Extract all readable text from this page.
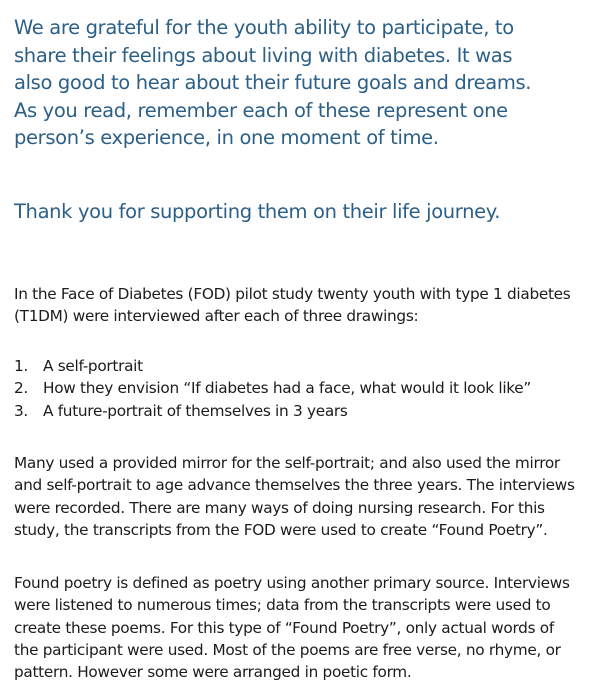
We are grateful for the youth ability to participate, to
share their feelings about living with diabetes. It was
also good to hear about their future goals and dreams.
As you read, remember each of these represent one
person’s experience, in one moment of time.
Thank you for supporting them on their life journey.
In the Face of Diabetes (FOD) pilot study twenty youth with type 1 diabetes
(T1DM) were interviewed after each of three drawings:
1. A self-portrait
2. How they envision “If diabetes had a face, what would it look like”
3. A future-portrait of themselves in 3 years
Many used a provided mirror for the self-portrait; and also used the mirror
and self-portrait to age advance themselves the three years. The interviews
were recorded. There are many ways of doing nursing research. For this
study, the transcripts from the FOD were used to create “Found Poetry”.
Found poetry is defined as poetry using another primary source. Interviews
were listened to numerous times; data from the transcripts were used to
create these poems. For this type of “Found Poetry”, only actual words of
the participant were used. Most of the poems are free verse, no rhyme, or
pattern. However some were arranged in poetic form.
